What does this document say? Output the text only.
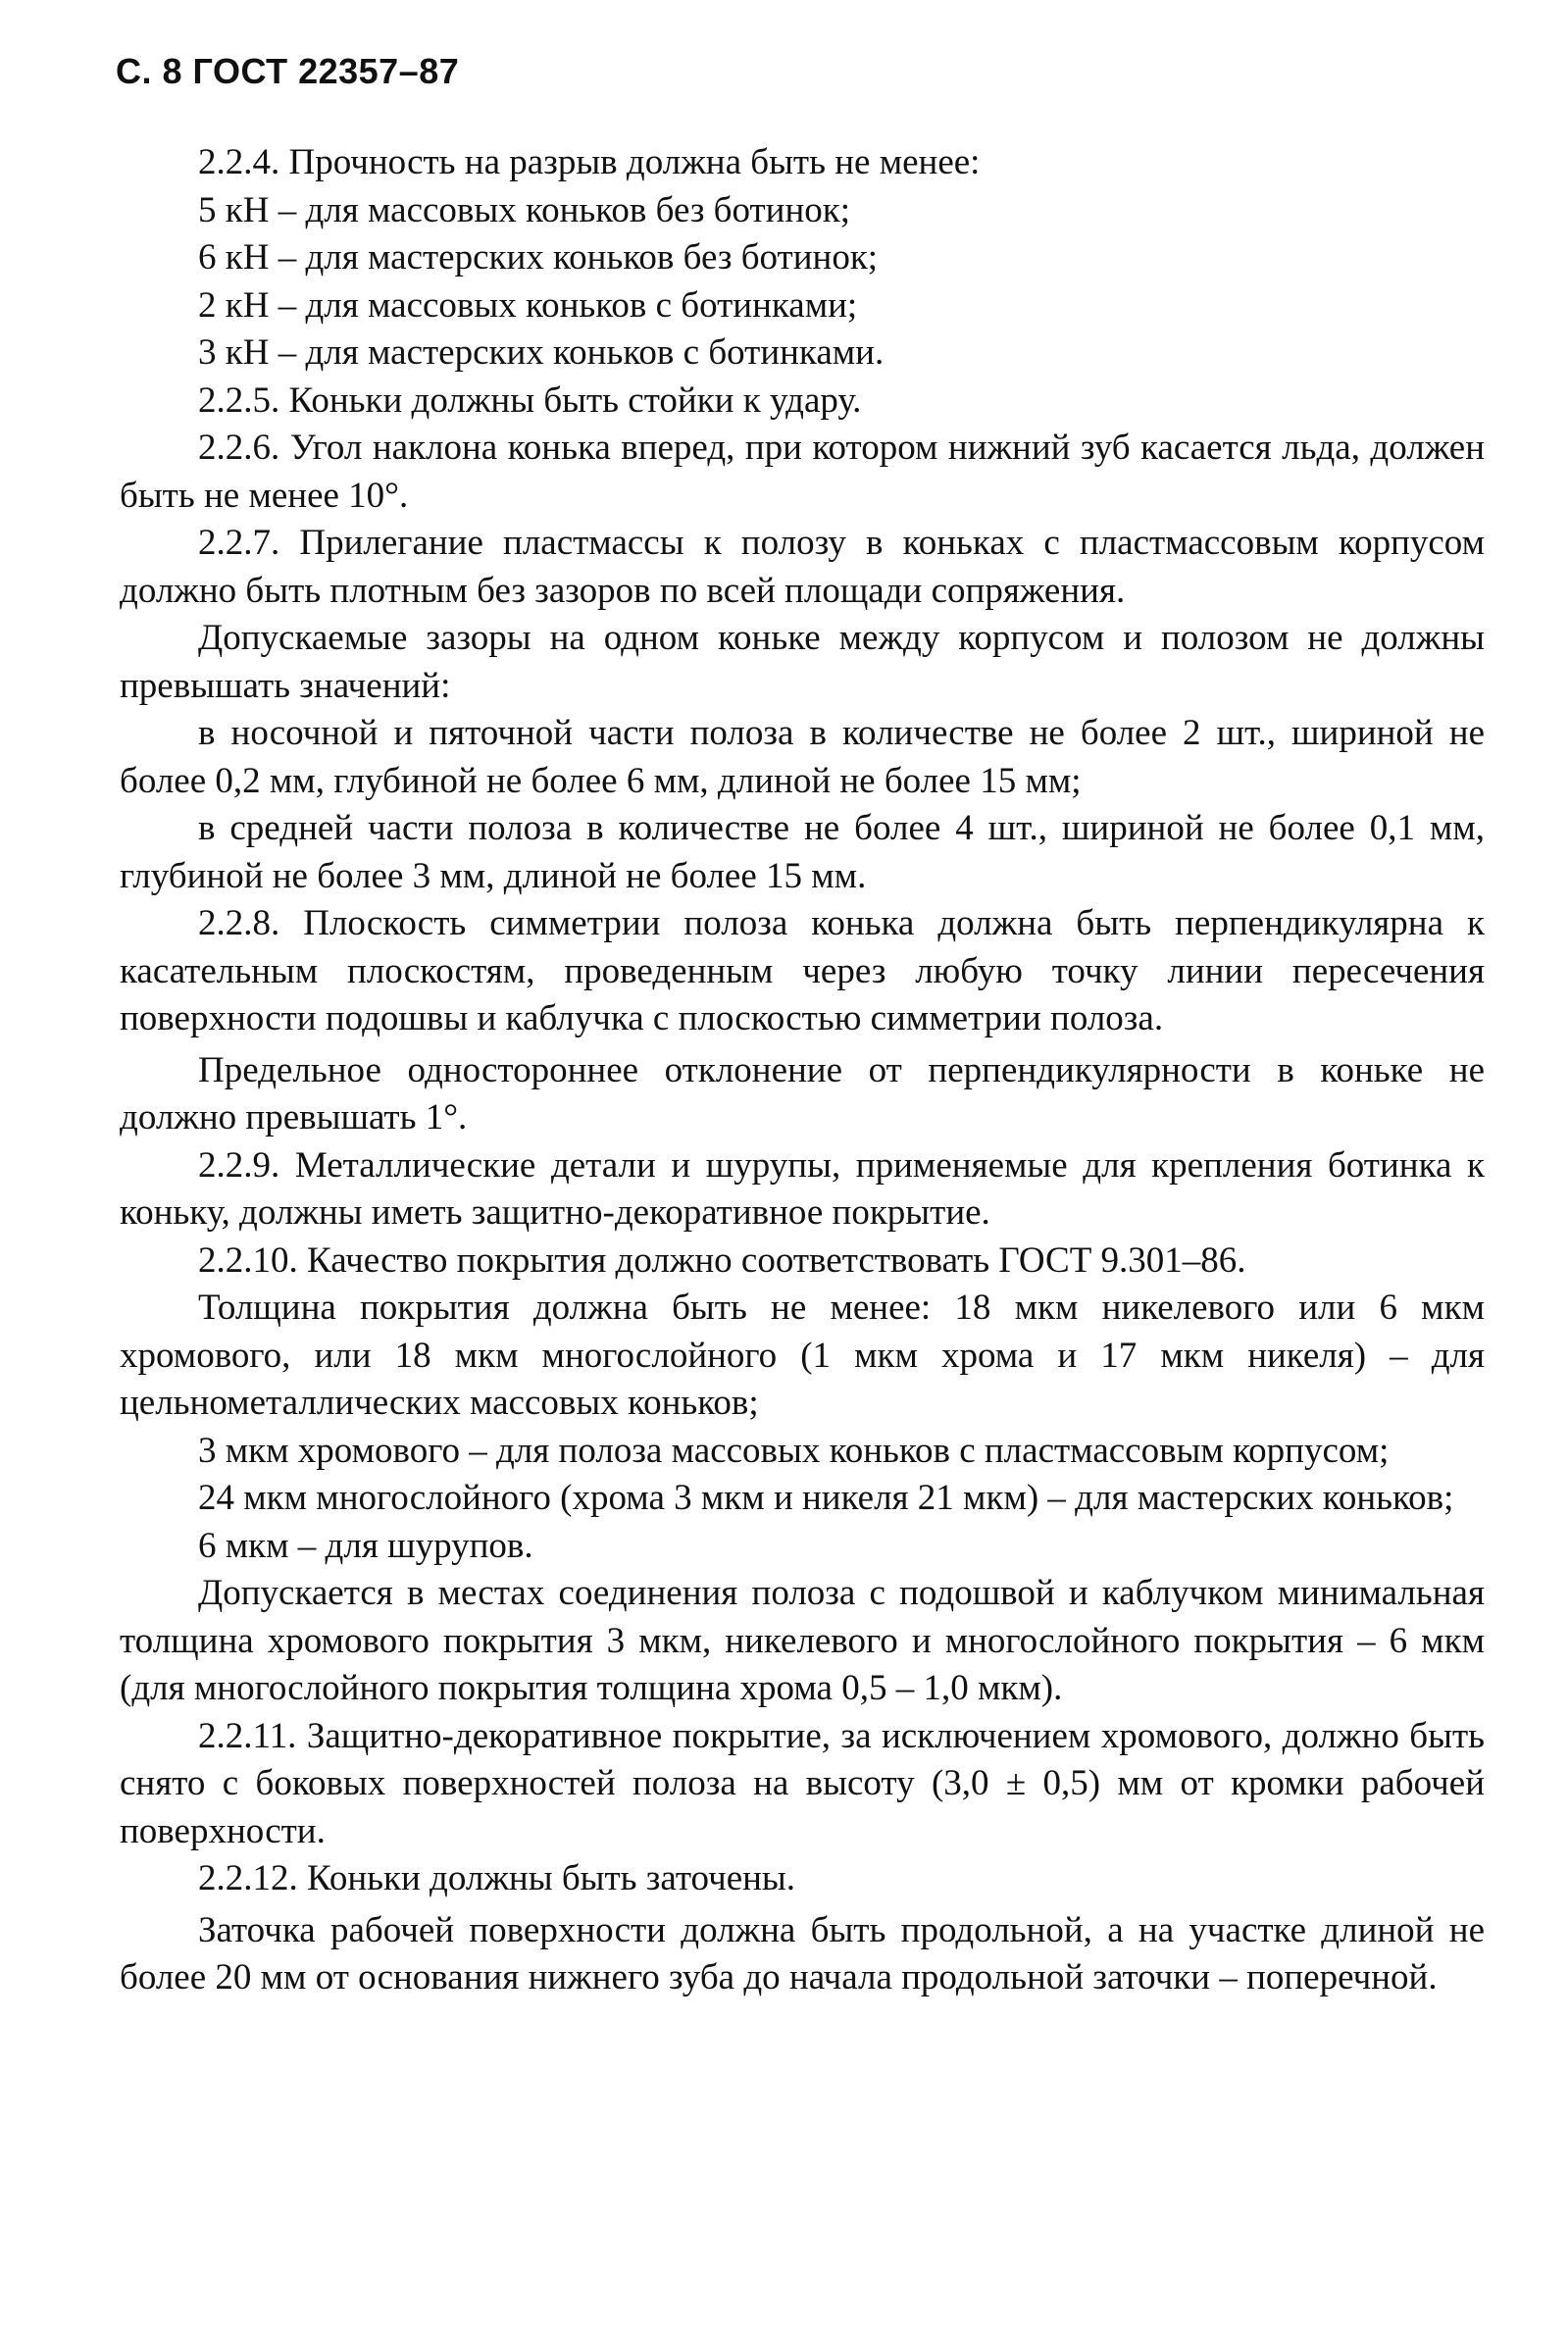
С. 8 ГОСТ 22357–87

2.2.4. Прочность на разрыв должна быть не менее:

5 кН – для массовых коньков без ботинок;

6 кН – для мастерских коньков без ботинок;

2 кН – для массовых коньков с ботинками;

3 кН – для мастерских коньков с ботинками.

2.2.5. Коньки должны быть стойки к удару.

2.2.6. Угол наклона конька вперед, при котором нижний зуб касается льда, должен быть не менее 10°.

2.2.7. Прилегание пластмассы к полозу в коньках с пластмассовым корпусом должно быть плотным без зазоров по всей площади сопряжения.

Допускаемые зазоры на одном коньке между корпусом и полозом не должны превышать значений:

в носочной и пяточной части полоза в количестве не более 2 шт., шириной не более 0,2 мм, глубиной не более 6 мм, длиной не более 15 мм;

в средней части полоза в количестве не более 4 шт., шириной не более 0,1 мм, глубиной не более 3 мм, длиной не более 15 мм.

2.2.8. Плоскость симметрии полоза конька должна быть перпендикулярна к касательным плоскостям, проведенным через любую точку линии пересечения поверхности подошвы и каблучка с плоскостью симметрии полоза.

Предельное одностороннее отклонение от перпендикулярности в коньке не должно превышать 1°.

2.2.9. Металлические детали и шурупы, применяемые для крепления ботинка к коньку, должны иметь защитно-декоративное покрытие.

2.2.10. Качество покрытия должно соответствовать ГОСТ 9.301–86.

Толщина покрытия должна быть не менее: 18 мкм никелевого или 6 мкм хромового, или 18 мкм многослойного (1 мкм хрома и 17 мкм никеля) – для цельнометаллических массовых коньков;

3 мкм хромового – для полоза массовых коньков с пластмассовым корпусом;

24 мкм многослойного (хрома 3 мкм и никеля 21 мкм) – для мастерских коньков;

6 мкм – для шурупов.

Допускается в местах соединения полоза с подошвой и каблучком минимальная толщина хромового покрытия 3 мкм, никелевого и многослойного покрытия – 6 мкм (для многослойного покрытия толщина хрома 0,5 – 1,0 мкм).

2.2.11. Защитно-декоративное покрытие, за исключением хромового, должно быть снято с боковых поверхностей полоза на высоту (3,0 ± 0,5) мм от кромки рабочей поверхности.

2.2.12. Коньки должны быть заточены.

Заточка рабочей поверхности должна быть продольной, а на участке длиной не более 20 мм от основания нижнего зуба до начала продольной заточки – поперечной.
